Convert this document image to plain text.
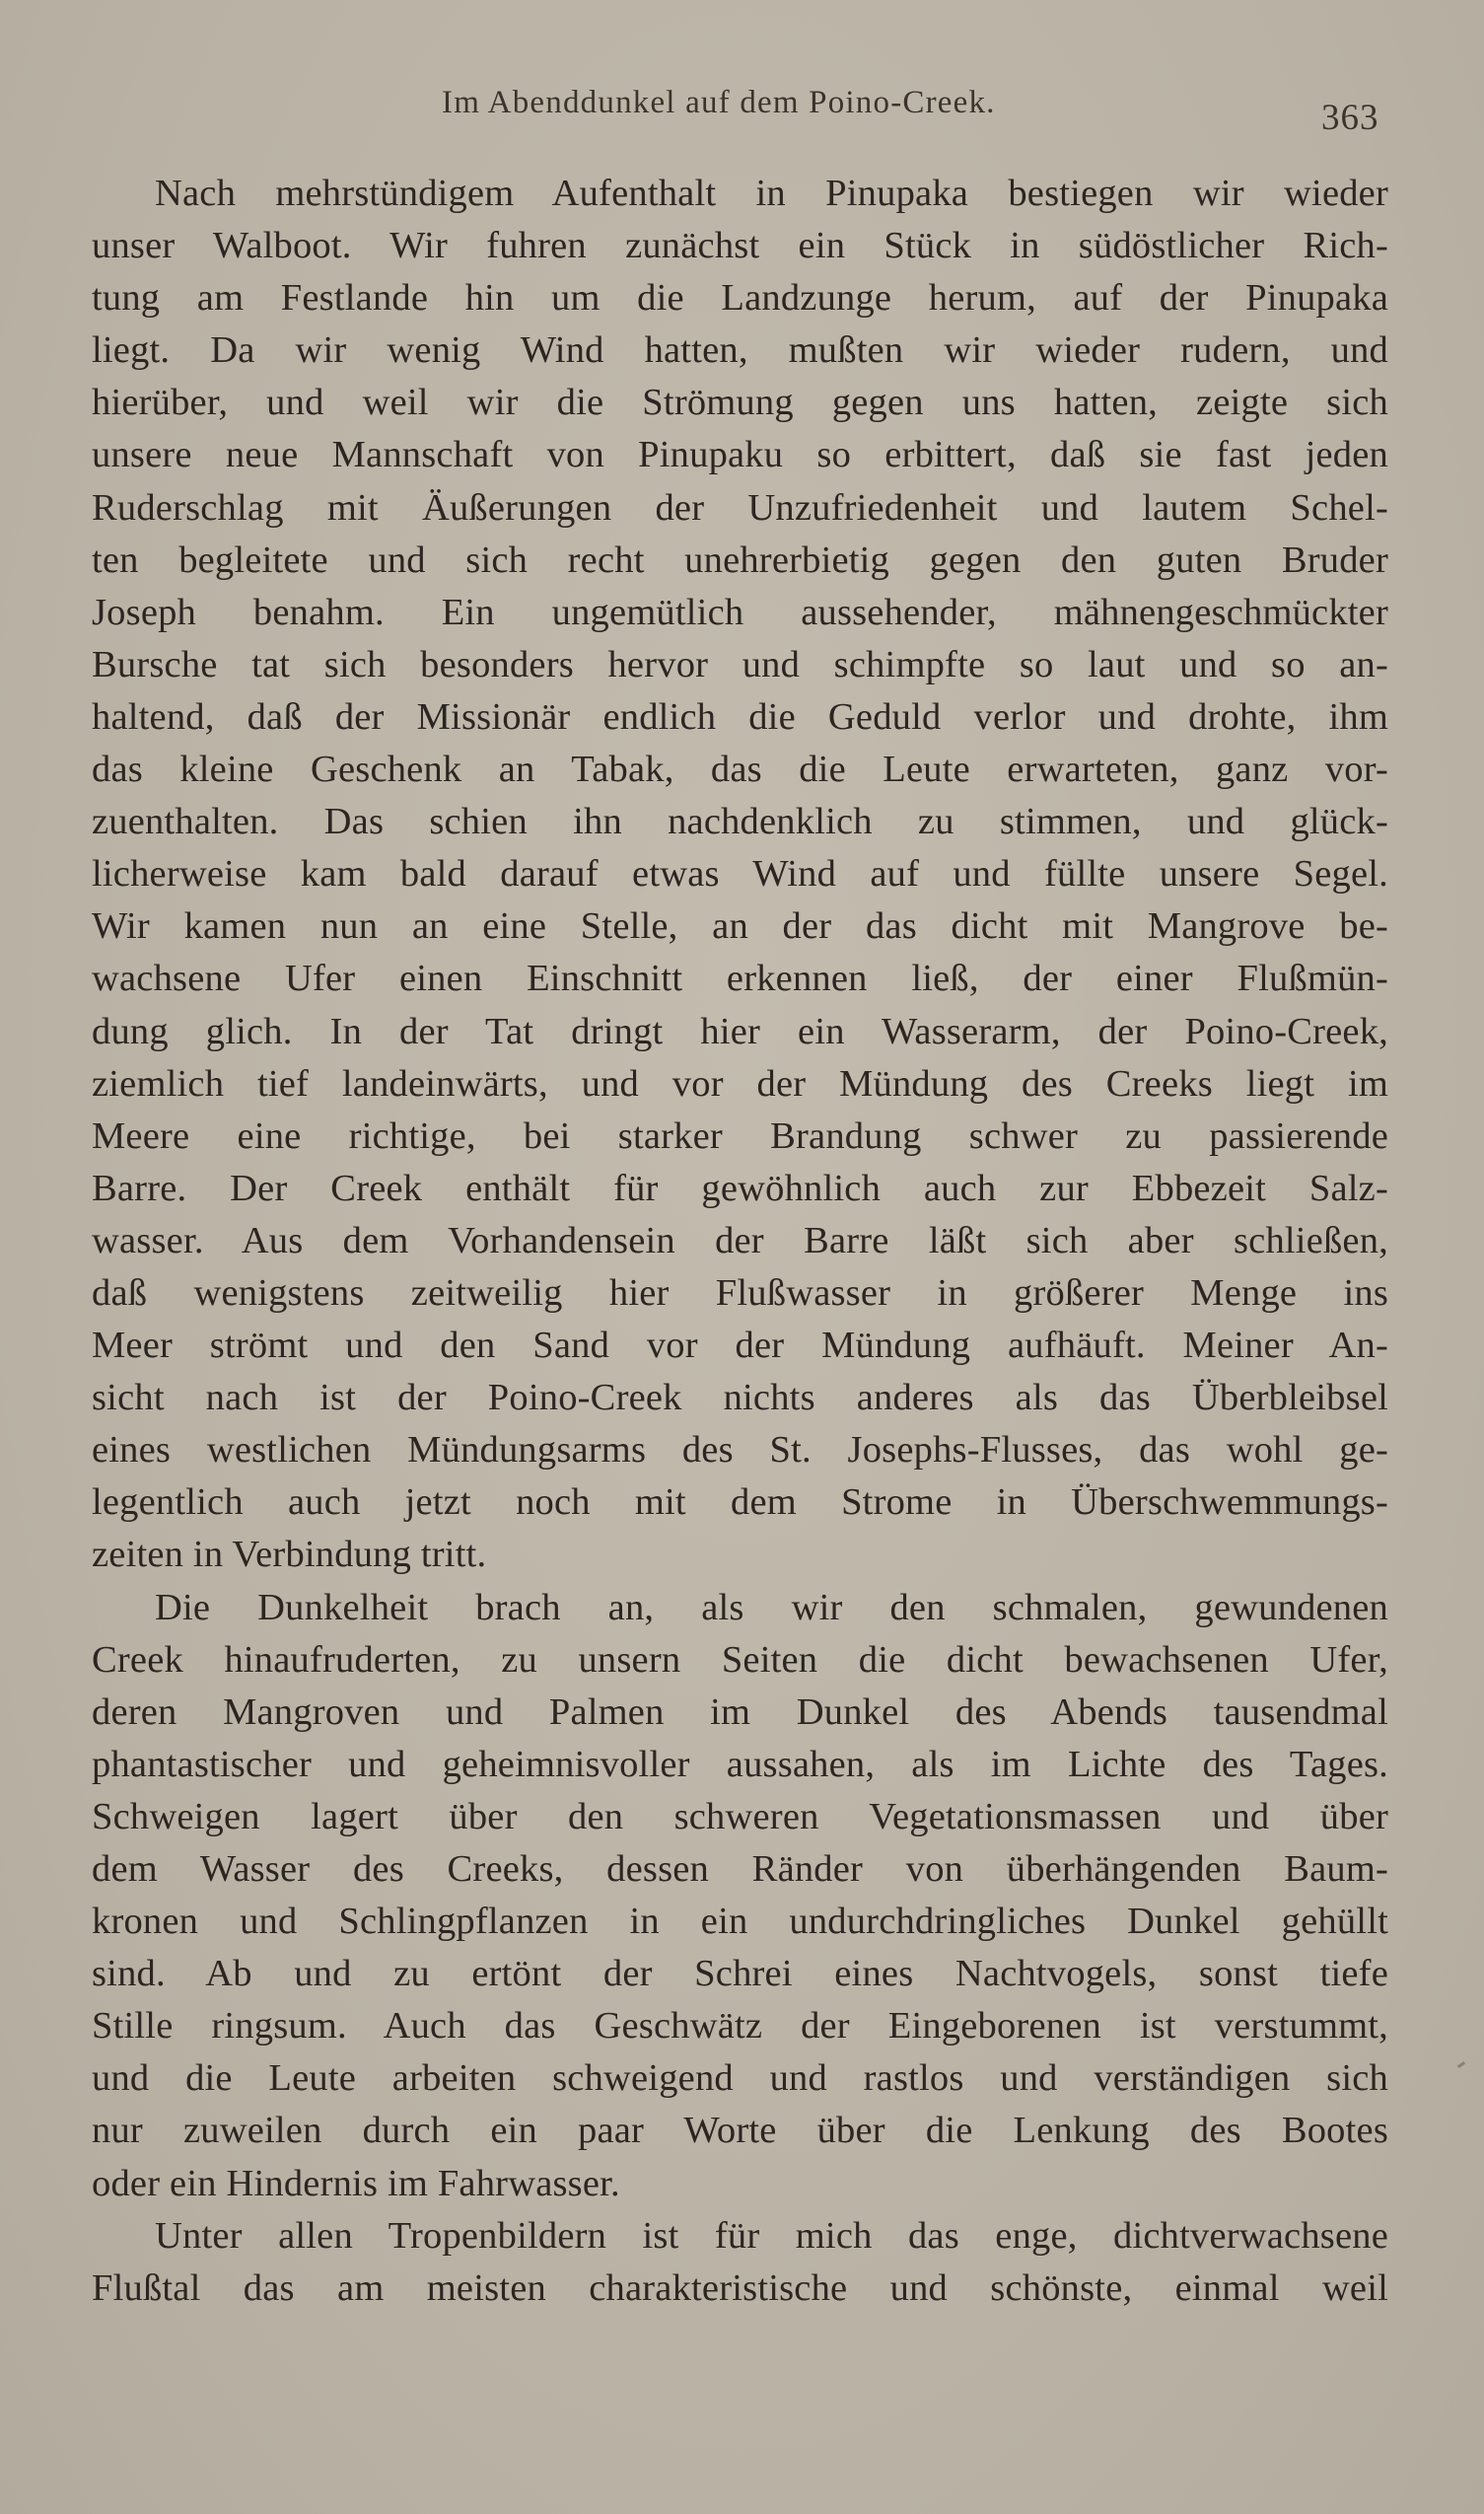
Im Abenddunkel auf dem Poino-Creek.	363
Nach mehrstündigem Aufenthalt in Pinupaka bestiegen wir wieder
unser Walboot. Wir fuhren zunächst ein Stück in südöstlicher Rich-
tung am Festlande hin um die Landzunge herum, auf der Pinupaka
liegt. Da wir wenig Wind hatten, mußten wir wieder rudern, und
hierüber, und weil wir die Strömung gegen uns hatten, zeigte sich
unsere neue Mannschaft von Pinupaku so erbittert, daß sie fast jeden
Ruderschlag mit Äußerungen der Unzufriedenheit und lautem Schel-
ten begleitete und sich recht unehrerbietig gegen den guten Bruder
Joseph benahm. Ein ungemütlich aussehender, mähnengeschmückter
Bursche tat sich besonders hervor und schimpfte so laut und so an-
haltend, daß der Missionär endlich die Geduld verlor und drohte, ihm
das kleine Geschenk an Tabak, das die Leute erwarteten, ganz vor-
zuenthalten. Das schien ihn nachdenklich zu stimmen, und glück-
licherweise kam bald darauf etwas Wind auf und füllte unsere Segel.
Wir kamen nun an eine Stelle, an der das dicht mit Mangrove be-
wachsene Ufer einen Einschnitt erkennen ließ, der einer Flußmün-
dung glich. In der Tat dringt hier ein Wasserarm, der Poino-Creek,
ziemlich tief landeinwärts, und vor der Mündung des Creeks liegt im
Meere eine richtige, bei starker Brandung schwer zu passierende
Barre. Der Creek enthält für gewöhnlich auch zur Ebbezeit Salz-
wasser. Aus dem Vorhandensein der Barre läßt sich aber schließen,
daß wenigstens zeitweilig hier Flußwasser in größerer Menge ins
Meer strömt und den Sand vor der Mündung aufhäuft. Meiner An-
sicht nach ist der Poino-Creek nichts anderes als das Überbleibsel
eines westlichen Mündungsarms des St. Josephs-Flusses, das wohl ge-
legentlich auch jetzt noch mit dem Strome in Überschwemmungs-
zeiten in Verbindung tritt.
Die Dunkelheit brach an, als wir den schmalen, gewundenen
Creek hinaufruderten, zu unsern Seiten die dicht bewachsenen Ufer,
deren Mangroven und Palmen im Dunkel des Abends tausendmal
phantastischer und geheimnisvoller aussahen, als im Lichte des Tages.
Schweigen lagert über den schweren Vegetationsmassen und über
dem Wasser des Creeks, dessen Ränder von überhängenden Baum-
kronen und Schlingpflanzen in ein undurchdringliches Dunkel gehüllt
sind. Ab und zu ertönt der Schrei eines Nachtvogels, sonst tiefe
Stille ringsum. Auch das Geschwätz der Eingeborenen ist verstummt,
und die Leute arbeiten schweigend und rastlos und verständigen sich
nur zuweilen durch ein paar Worte über die Lenkung des Bootes
oder ein Hindernis im Fahrwasser.
Unter allen Tropenbildern ist für mich das enge, dichtverwachsene
Flußtal das am meisten charakteristische und schönste, einmal weil
